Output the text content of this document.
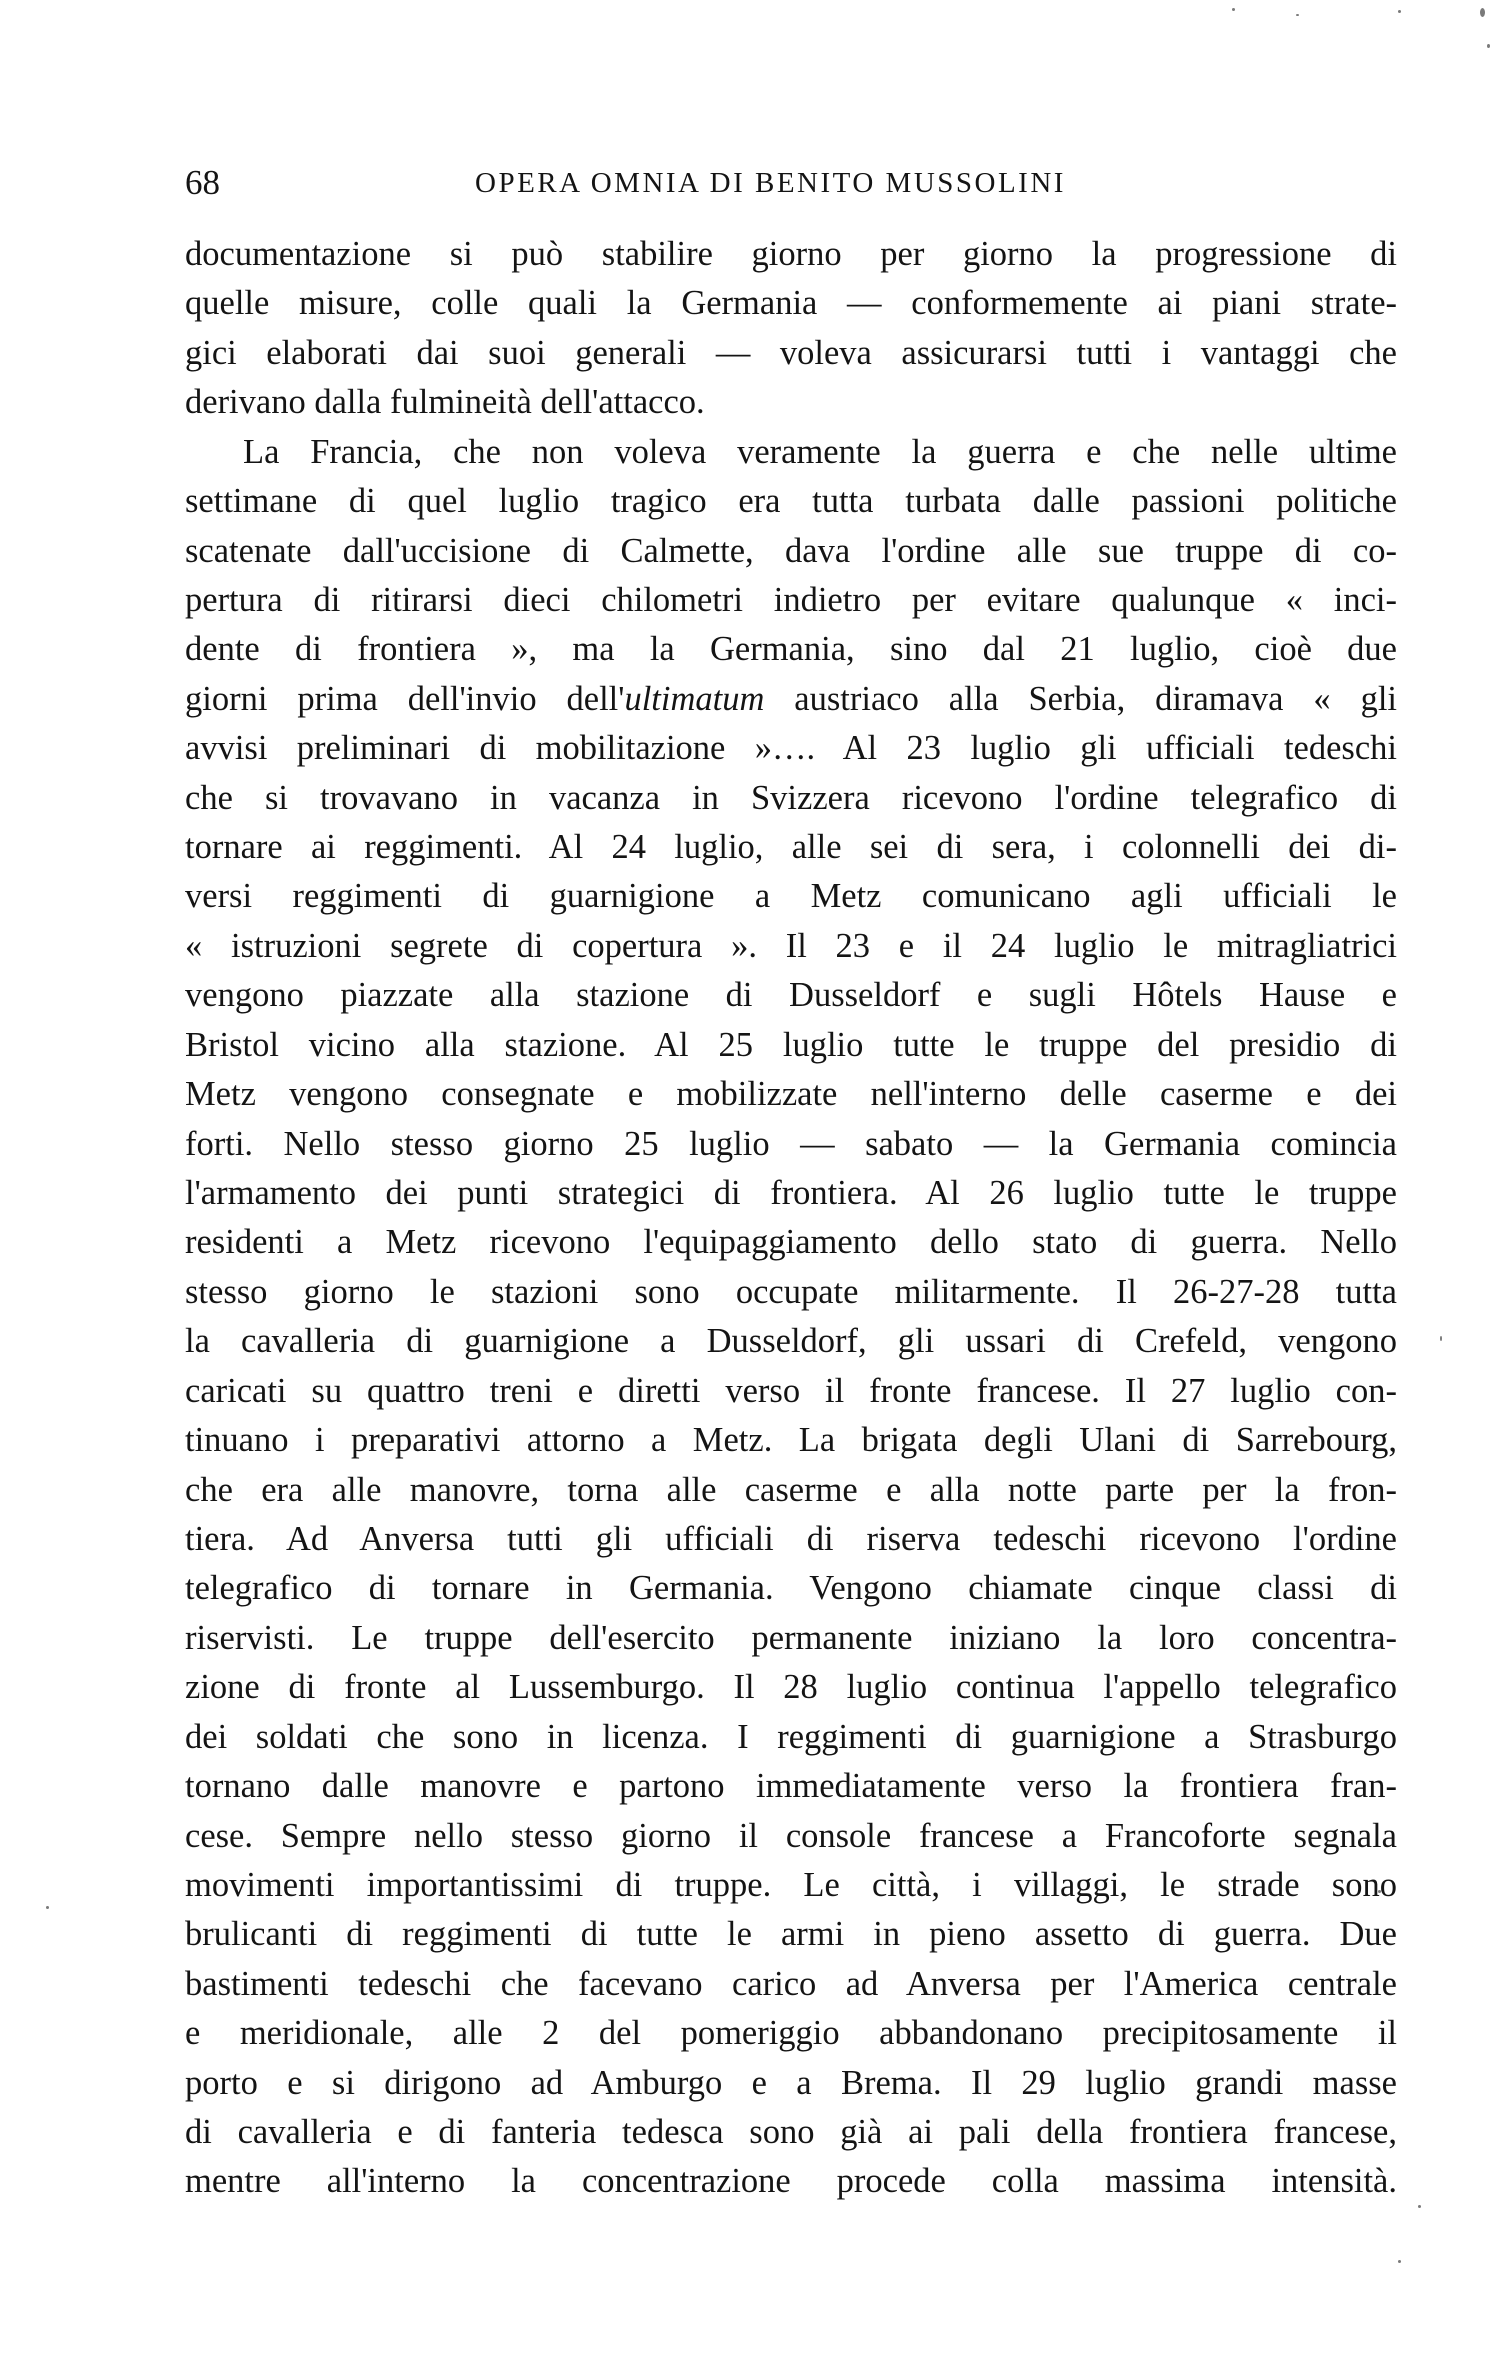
68	OPERA OMNIA DI BENITO MUSSOLINI
documentazione si può stabilire giorno per giorno la progressione di
quelle misure, colle quali la Germania — conformemente ai piani strate-
gici elaborati dai suoi generali — voleva assicurarsi tutti i vantaggi che
derivano dalla fulmineità dell'attacco.
La Francia, che non voleva veramente la guerra e che nelle ultime
settimane di quel luglio tragico era tutta turbata dalle passioni politiche
scatenate dall'uccisione di Calmette, dava l'ordine alle sue truppe di co-
pertura di ritirarsi dieci chilometri indietro per evitare qualunque « inci-
dente di frontiera », ma la Germania, sino dal 21 luglio, cioè due
giorni prima dell'invio dell'ultimatum austriaco alla Serbia, diramava « gli
avvisi preliminari di mobilitazione »…. Al 23 luglio gli ufficiali tedeschi
che si trovavano in vacanza in Svizzera ricevono l'ordine telegrafico di
tornare ai reggimenti. Al 24 luglio, alle sei di sera, i colonnelli dei di-
versi reggimenti di guarnigione a Metz comunicano agli ufficiali le
« istruzioni segrete di copertura ». Il 23 e il 24 luglio le mitragliatrici
vengono piazzate alla stazione di Dusseldorf e sugli Hôtels Hause e
Bristol vicino alla stazione. Al 25 luglio tutte le truppe del presidio di
Metz vengono consegnate e mobilizzate nell'interno delle caserme e dei
forti. Nello stesso giorno 25 luglio — sabato — la Germania comincia
l'armamento dei punti strategici di frontiera. Al 26 luglio tutte le truppe
residenti a Metz ricevono l'equipaggiamento dello stato di guerra. Nello
stesso giorno le stazioni sono occupate militarmente. Il 26-27-28 tutta
la cavalleria di guarnigione a Dusseldorf, gli ussari di Crefeld, vengono
caricati su quattro treni e diretti verso il fronte francese. Il 27 luglio con-
tinuano i preparativi attorno a Metz. La brigata degli Ulani di Sarrebourg,
che era alle manovre, torna alle caserme e alla notte parte per la fron-
tiera. Ad Anversa tutti gli ufficiali di riserva tedeschi ricevono l'ordine
telegrafico di tornare in Germania. Vengono chiamate cinque classi di
riservisti. Le truppe dell'esercito permanente iniziano la loro concentra-
zione di fronte al Lussemburgo. Il 28 luglio continua l'appello telegrafico
dei soldati che sono in licenza. I reggimenti di guarnigione a Strasburgo
tornano dalle manovre e partono immediatamente verso la frontiera fran-
cese. Sempre nello stesso giorno il console francese a Francoforte segnala
movimenti importantissimi di truppe. Le città, i villaggi, le strade sono
brulicanti di reggimenti di tutte le armi in pieno assetto di guerra. Due
bastimenti tedeschi che facevano carico ad Anversa per l'America centrale
e meridionale, alle 2 del pomeriggio abbandonano precipitosamente il
porto e si dirigono ad Amburgo e a Brema. Il 29 luglio grandi masse
di cavalleria e di fanteria tedesca sono già ai pali della frontiera francese,
mentre all'interno la concentrazione procede colla massima intensità.
